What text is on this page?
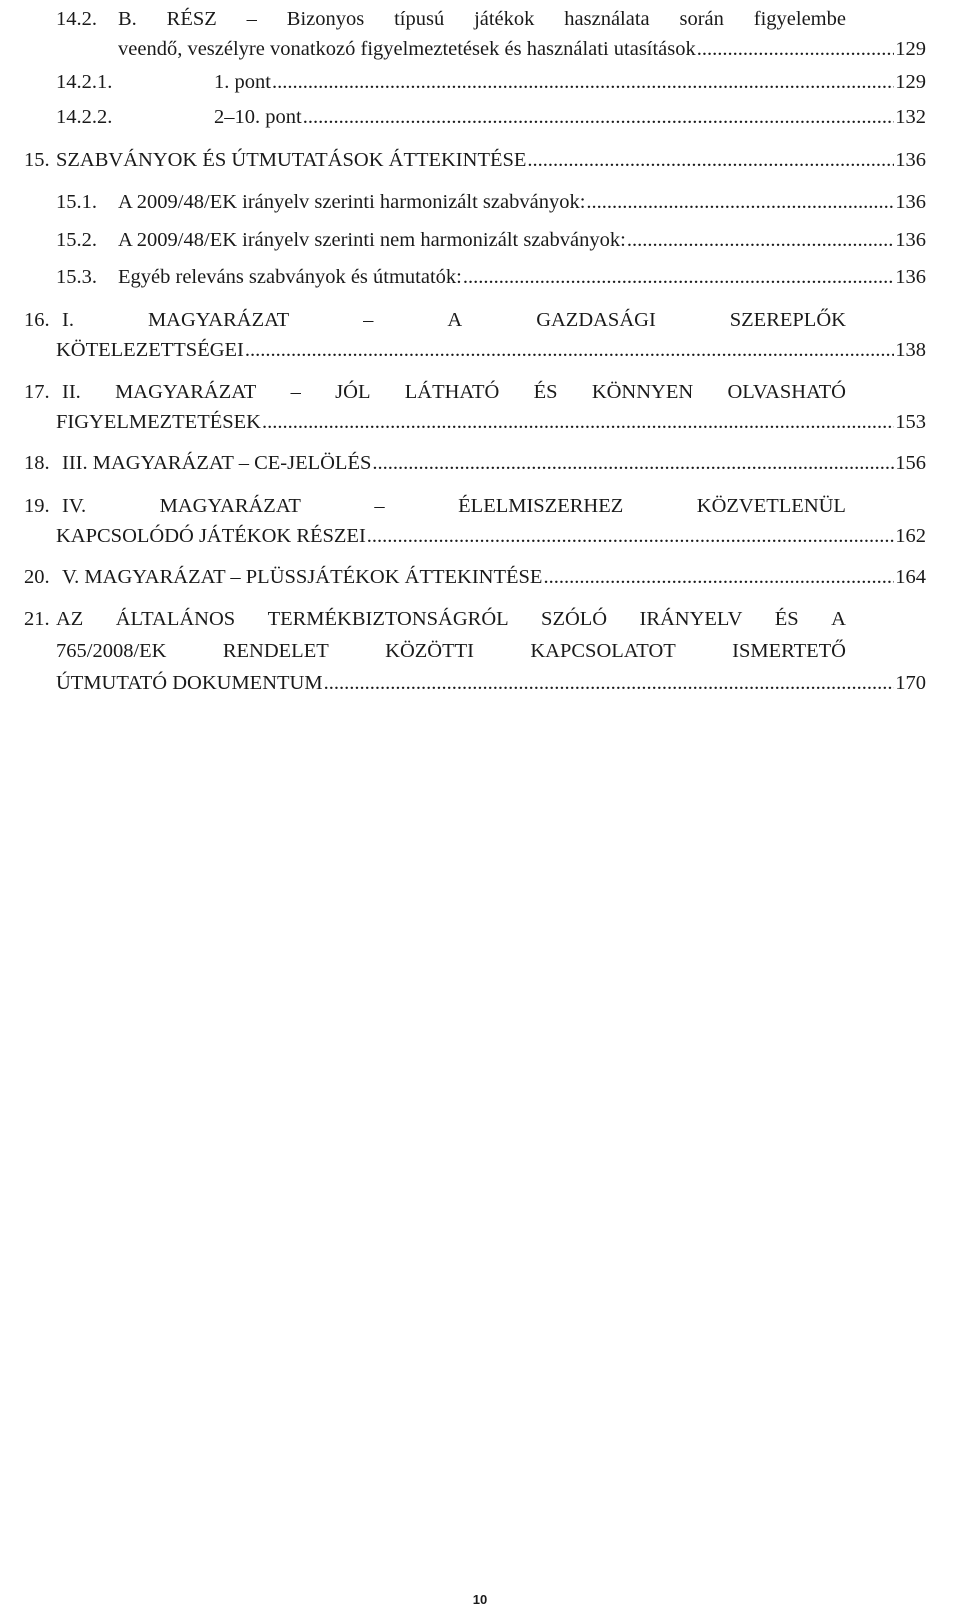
14.2. B. RÉSZ – Bizonyos típusú játékok használata során figyelembe
veendő, veszélyre vonatkozó figyelmeztetések és használati utasítások .....	129
14.2.1.	1. pont .....	129
14.2.2.	2–10. pont .....	132
15. SZABVÁNYOK ÉS ÚTMUTATÁSOK ÁTTEKINTÉSE .....	136
15.1. A 2009/48/EK irányelv szerinti harmonizált szabványok: .....	136
15.2. A 2009/48/EK irányelv szerinti nem harmonizált szabványok: .....	136
15.3. Egyéb releváns szabványok és útmutatók: .....	136
16. I.	MAGYARÁZAT	–	A	GAZDASÁGI	SZEREPLŐK
KÖTELEZETTSÉGEI .....	138
17. II. MAGYARÁZAT – JÓL LÁTHATÓ ÉS KÖNNYEN OLVASHATÓ
FIGYELMEZTETÉSEK .....	153
18. III. MAGYARÁZAT – CE-JELÖLÉS .....	156
19. IV.	MAGYARÁZAT	–	ÉLELMISZERHEZ	KÖZVETLENÜL
KAPCSOLÓDÓ JÁTÉKOK RÉSZEI .....	162
20. V. MAGYARÁZAT – PLÜSSJÁTÉKOK ÁTTEKINTÉSE .....	164
21. AZ ÁLTALÁNOS TERMÉKBIZTONSÁGRÓL SZÓLÓ IRÁNYELV ÉS A
765/2008/EK	RENDELET	KÖZÖTTI	KAPCSOLATOT	ISMERTETŐ
ÚTMUTATÓ DOKUMENTUM .....	170
10
